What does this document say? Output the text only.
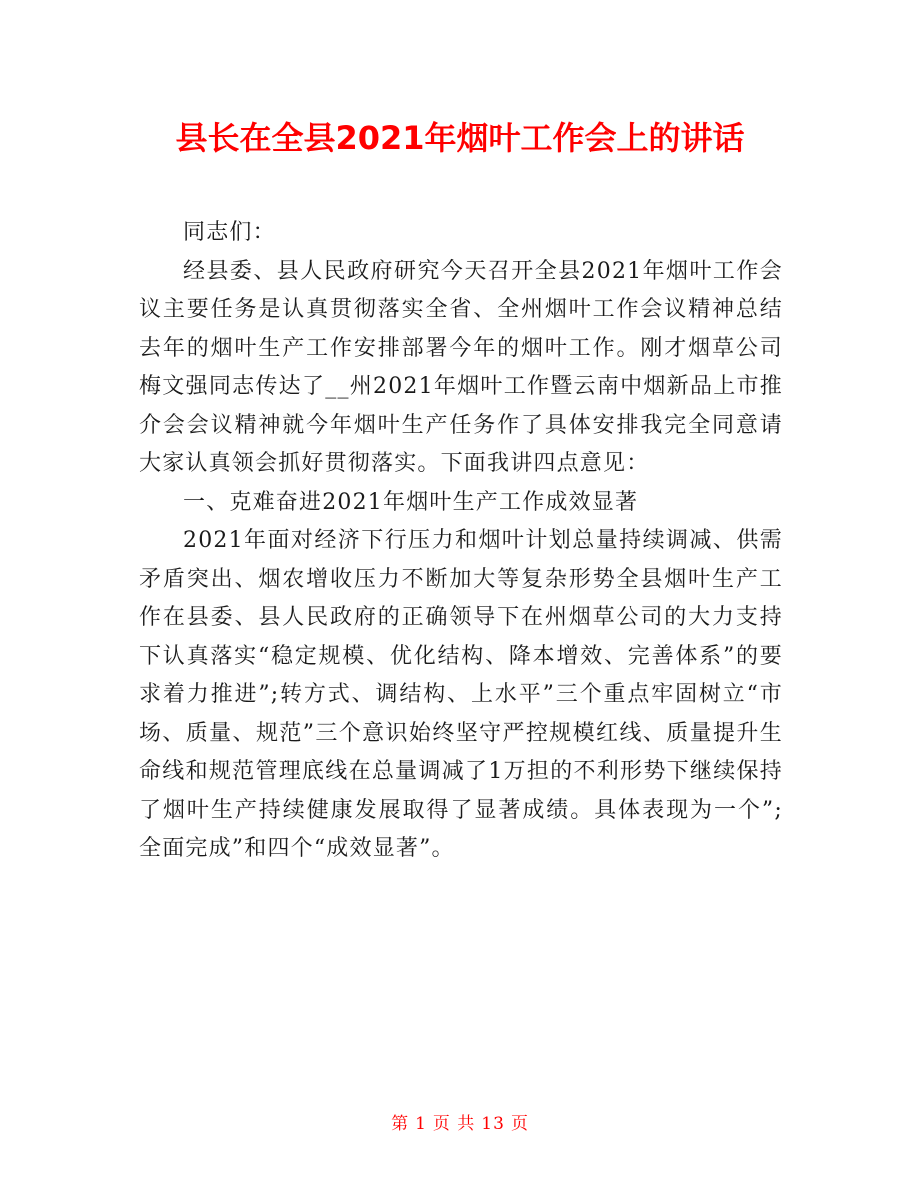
县长在全县2021年烟叶工作会上的讲话

同志们：

经县委、县人民政府研究今天召开全县2021年烟叶工作会议主要任务是认真贯彻落实全省、全州烟叶工作会议精神总结去年的烟叶生产工作安排部署今年的烟叶工作。刚才烟草公司梅文强同志传达了__州2021年烟叶工作暨云南中烟新品上市推介会会议精神就今年烟叶生产任务作了具体安排我完全同意请大家认真领会抓好贯彻落实。下面我讲四点意见：

一、克难奋进2021年烟叶生产工作成效显著

2021年面对经济下行压力和烟叶计划总量持续调减、供需矛盾突出、烟农增收压力不断加大等复杂形势全县烟叶生产工作在县委、县人民政府的正确领导下在州烟草公司的大力支持下认真落实“稳定规模、优化结构、降本增效、完善体系”的要求着力推进”;转方式、调结构、上水平”三个重点牢固树立“市场、质量、规范”三个意识始终坚守严控规模红线、质量提升生命线和规范管理底线在总量调减了1万担的不利形势下继续保持了烟叶生产持续健康发展取得了显著成绩。具体表现为一个”;全面完成”和四个“成效显著”。

第 1 页 共 13 页
